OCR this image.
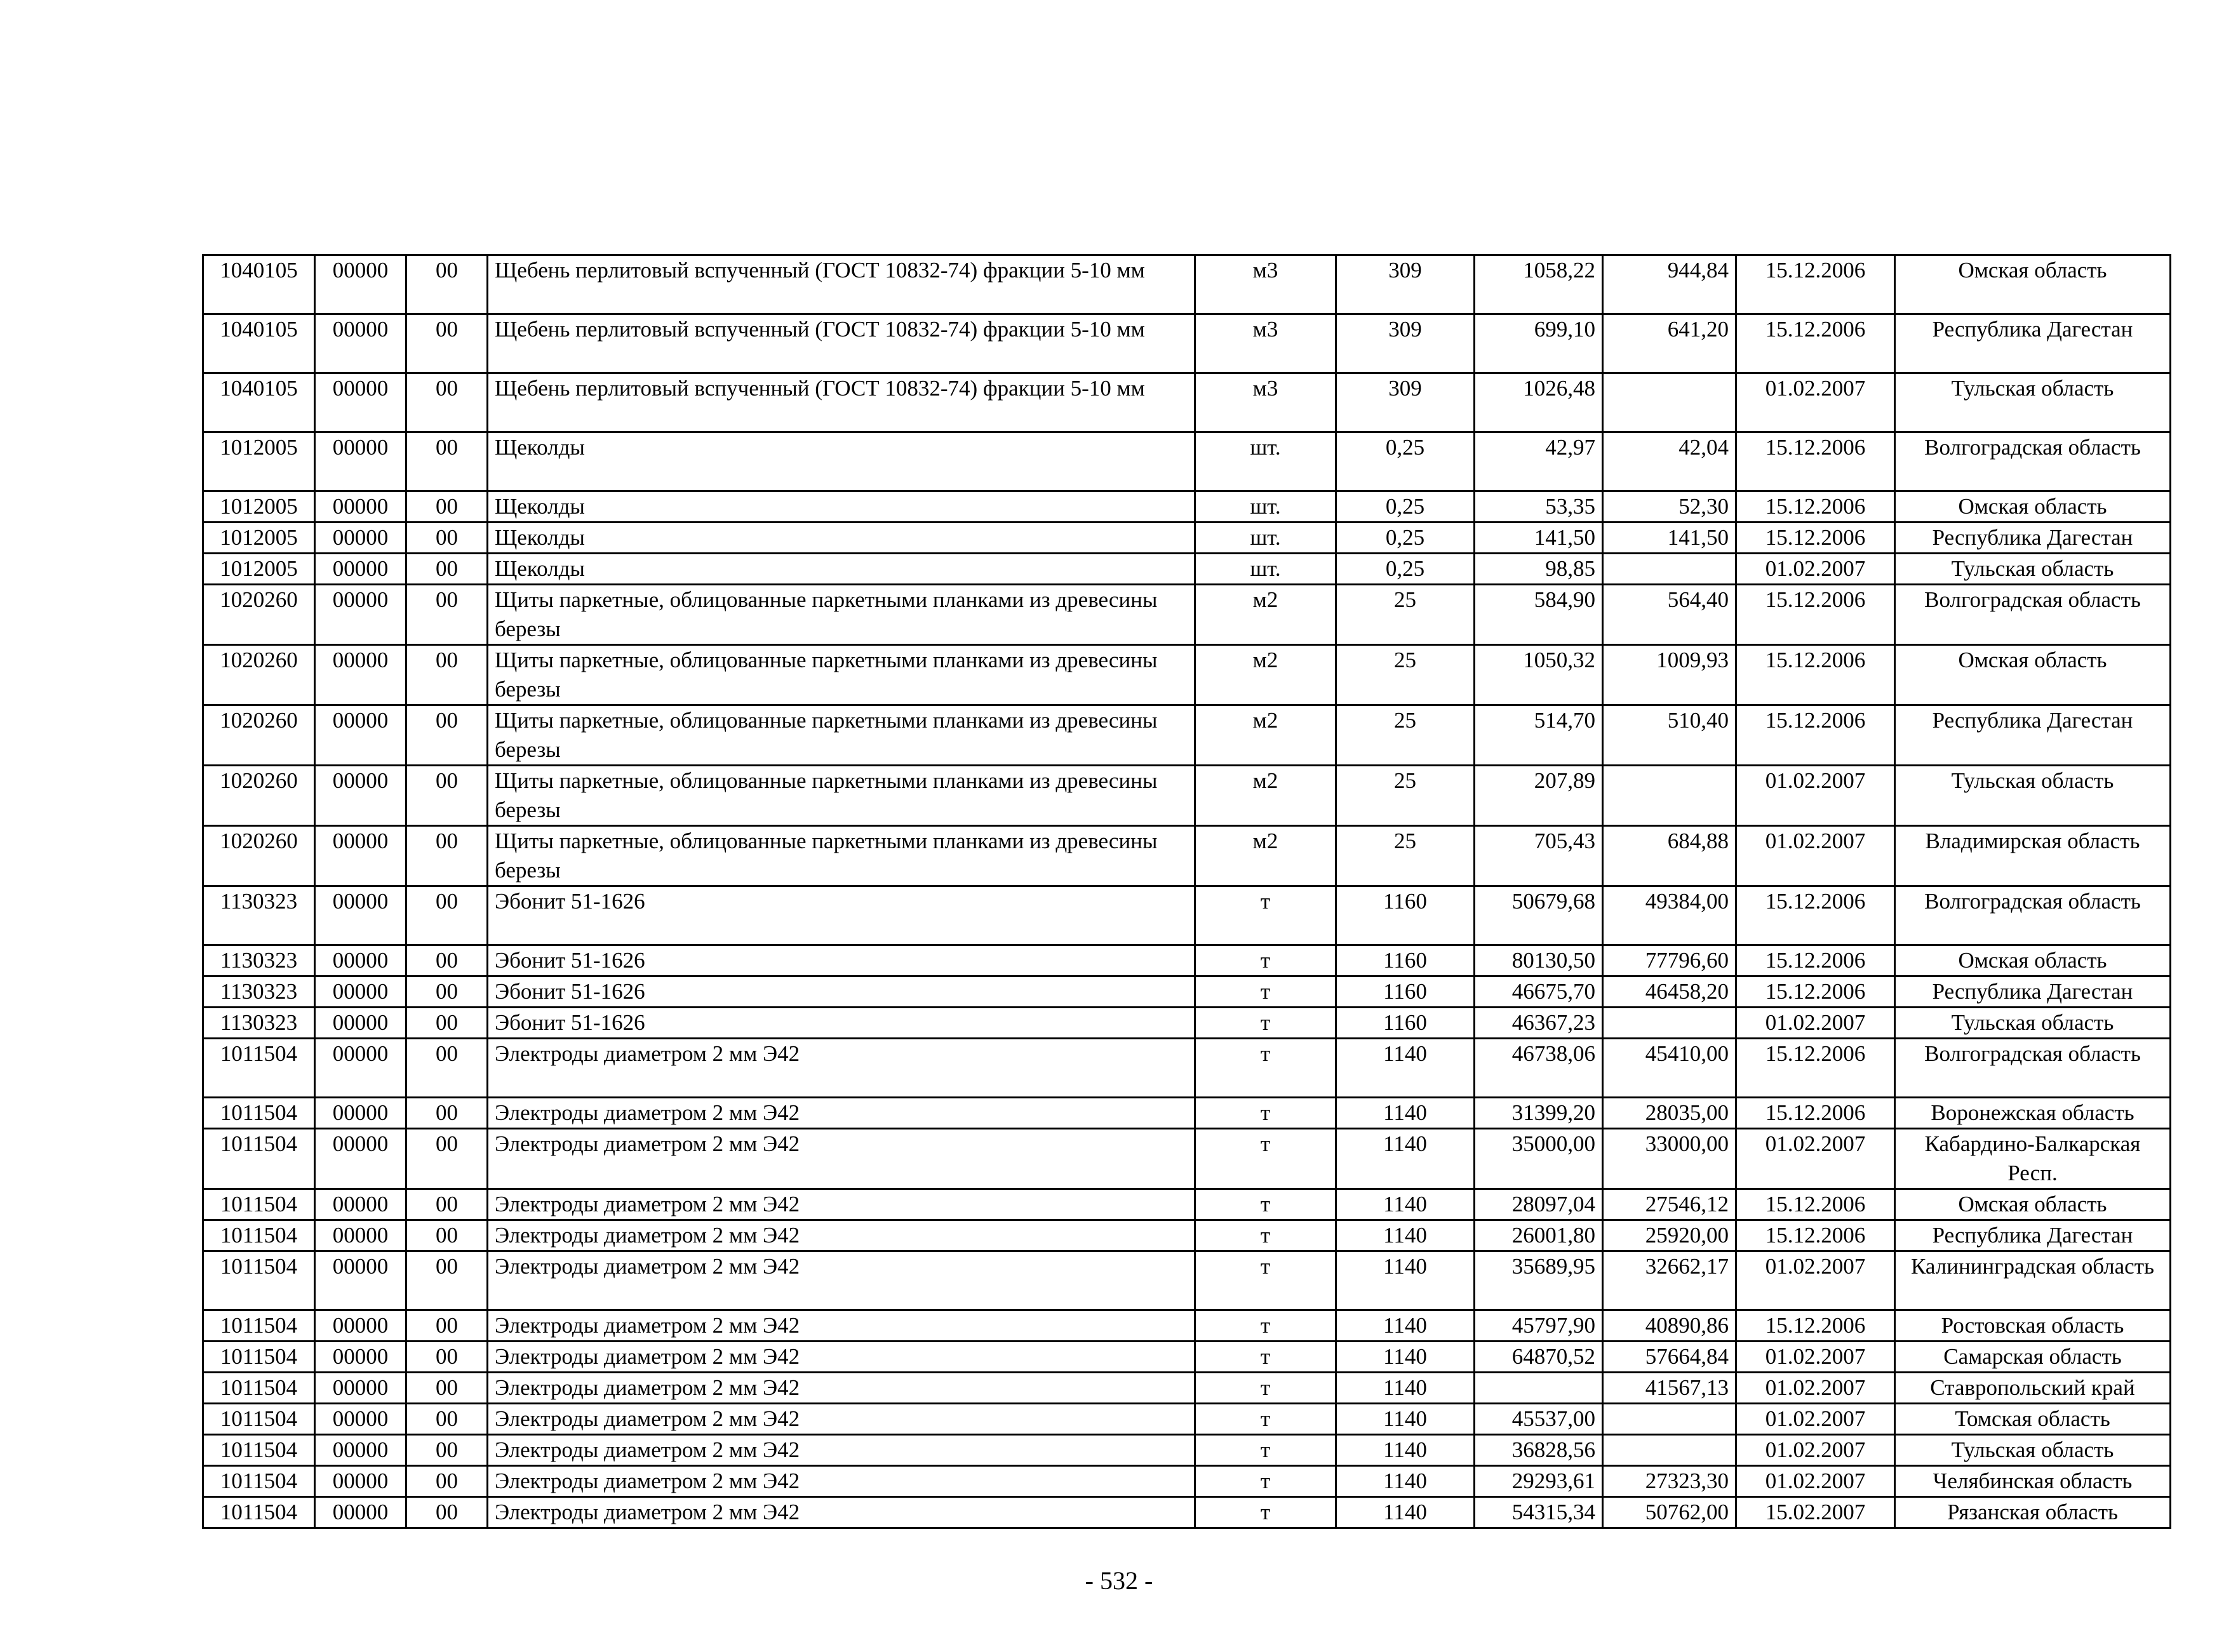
1040105	00000	00	Щебень перлитовый вспученный (ГОСТ 10832-74) фракции 5-10 мм	м3	309	1058,22	944,84	15.12.2006	Омская область
1040105	00000	00	Щебень перлитовый вспученный (ГОСТ 10832-74) фракции 5-10 мм	м3	309	699,10	641,20	15.12.2006	Республика Дагестан
1040105	00000	00	Щебень перлитовый вспученный (ГОСТ 10832-74) фракции 5-10 мм	м3	309	1026,48		01.02.2007	Тульская область
1012005	00000	00	Щеколды	шт.	0,25	42,97	42,04	15.12.2006	Волгоградская область
1012005	00000	00	Щеколды	шт.	0,25	53,35	52,30	15.12.2006	Омская область
1012005	00000	00	Щеколды	шт.	0,25	141,50	141,50	15.12.2006	Республика Дагестан
1012005	00000	00	Щеколды	шт.	0,25	98,85		01.02.2007	Тульская область
1020260	00000	00	Щиты паркетные, облицованные паркетными планками из древесины березы	м2	25	584,90	564,40	15.12.2006	Волгоградская область
1020260	00000	00	Щиты паркетные, облицованные паркетными планками из древесины березы	м2	25	1050,32	1009,93	15.12.2006	Омская область
1020260	00000	00	Щиты паркетные, облицованные паркетными планками из древесины березы	м2	25	514,70	510,40	15.12.2006	Республика Дагестан
1020260	00000	00	Щиты паркетные, облицованные паркетными планками из древесины березы	м2	25	207,89		01.02.2007	Тульская область
1020260	00000	00	Щиты паркетные, облицованные паркетными планками из древесины березы	м2	25	705,43	684,88	01.02.2007	Владимирская область
1130323	00000	00	Эбонит 51-1626	т	1160	50679,68	49384,00	15.12.2006	Волгоградская область
1130323	00000	00	Эбонит 51-1626	т	1160	80130,50	77796,60	15.12.2006	Омская область
1130323	00000	00	Эбонит 51-1626	т	1160	46675,70	46458,20	15.12.2006	Республика Дагестан
1130323	00000	00	Эбонит 51-1626	т	1160	46367,23		01.02.2007	Тульская область
1011504	00000	00	Электроды диаметром 2 мм Э42	т	1140	46738,06	45410,00	15.12.2006	Волгоградская область
1011504	00000	00	Электроды диаметром 2 мм Э42	т	1140	31399,20	28035,00	15.12.2006	Воронежская область
1011504	00000	00	Электроды диаметром 2 мм Э42	т	1140	35000,00	33000,00	01.02.2007	Кабардино-Балкарская Респ.
1011504	00000	00	Электроды диаметром 2 мм Э42	т	1140	28097,04	27546,12	15.12.2006	Омская область
1011504	00000	00	Электроды диаметром 2 мм Э42	т	1140	26001,80	25920,00	15.12.2006	Республика Дагестан
1011504	00000	00	Электроды диаметром 2 мм Э42	т	1140	35689,95	32662,17	01.02.2007	Калининградская область
1011504	00000	00	Электроды диаметром 2 мм Э42	т	1140	45797,90	40890,86	15.12.2006	Ростовская область
1011504	00000	00	Электроды диаметром 2 мм Э42	т	1140	64870,52	57664,84	01.02.2007	Самарская область
1011504	00000	00	Электроды диаметром 2 мм Э42	т	1140		41567,13	01.02.2007	Ставропольский край
1011504	00000	00	Электроды диаметром 2 мм Э42	т	1140	45537,00		01.02.2007	Томская область
1011504	00000	00	Электроды диаметром 2 мм Э42	т	1140	36828,56		01.02.2007	Тульская область
1011504	00000	00	Электроды диаметром 2 мм Э42	т	1140	29293,61	27323,30	01.02.2007	Челябинская область
1011504	00000	00	Электроды диаметром 2 мм Э42	т	1140	54315,34	50762,00	15.02.2007	Рязанская область
- 532 -
